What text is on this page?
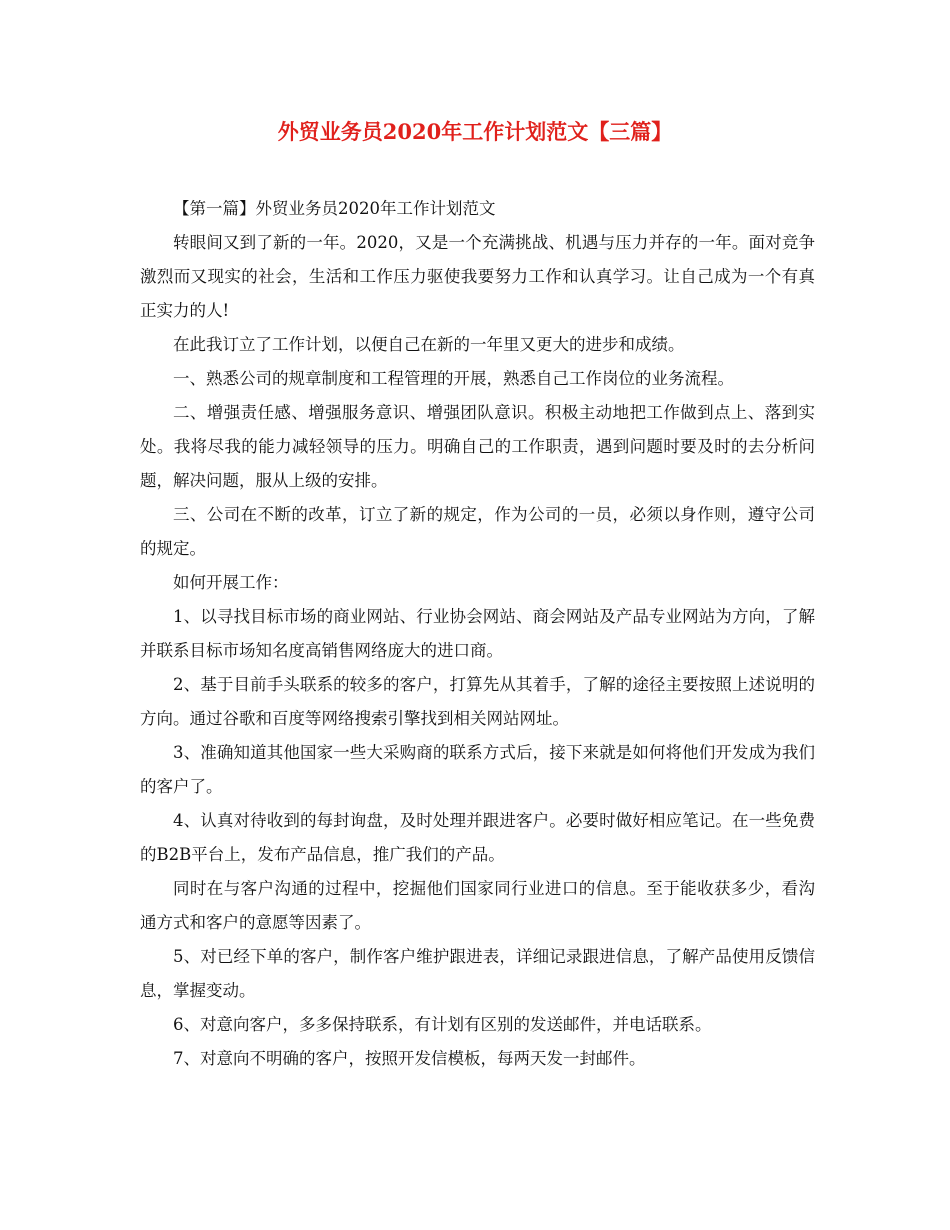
外贸业务员2020年工作计划范文【三篇】

【第一篇】外贸业务员2020年工作计划范文

转眼间又到了新的一年。2020，又是一个充满挑战、机遇与压力并存的一年。面对竞争激烈而又现实的社会，生活和工作压力驱使我要努力工作和认真学习。让自己成为一个有真正实力的人!

在此我订立了工作计划，以便自己在新的一年里又更大的进步和成绩。

一、熟悉公司的规章制度和工程管理的开展，熟悉自己工作岗位的业务流程。

二、增强责任感、增强服务意识、增强团队意识。积极主动地把工作做到点上、落到实处。我将尽我的能力减轻领导的压力。明确自己的工作职责，遇到问题时要及时的去分析问题，解决问题，服从上级的安排。

三、公司在不断的改革，订立了新的规定，作为公司的一员，必须以身作则，遵守公司的规定。

如何开展工作：

1、以寻找目标市场的商业网站、行业协会网站、商会网站及产品专业网站为方向，了解并联系目标市场知名度高销售网络庞大的进口商。

2、基于目前手头联系的较多的客户，打算先从其着手，了解的途径主要按照上述说明的方向。通过谷歌和百度等网络搜索引擎找到相关网站网址。

3、准确知道其他国家一些大采购商的联系方式后，接下来就是如何将他们开发成为我们的客户了。

4、认真对待收到的每封询盘，及时处理并跟进客户。必要时做好相应笔记。在一些免费的B2B平台上，发布产品信息，推广我们的产品。

同时在与客户沟通的过程中，挖掘他们国家同行业进口的信息。至于能收获多少，看沟通方式和客户的意愿等因素了。

5、对已经下单的客户，制作客户维护跟进表，详细记录跟进信息，了解产品使用反馈信息，掌握变动。

6、对意向客户，多多保持联系，有计划有区别的发送邮件，并电话联系。

7、对意向不明确的客户，按照开发信模板，每两天发一封邮件。
